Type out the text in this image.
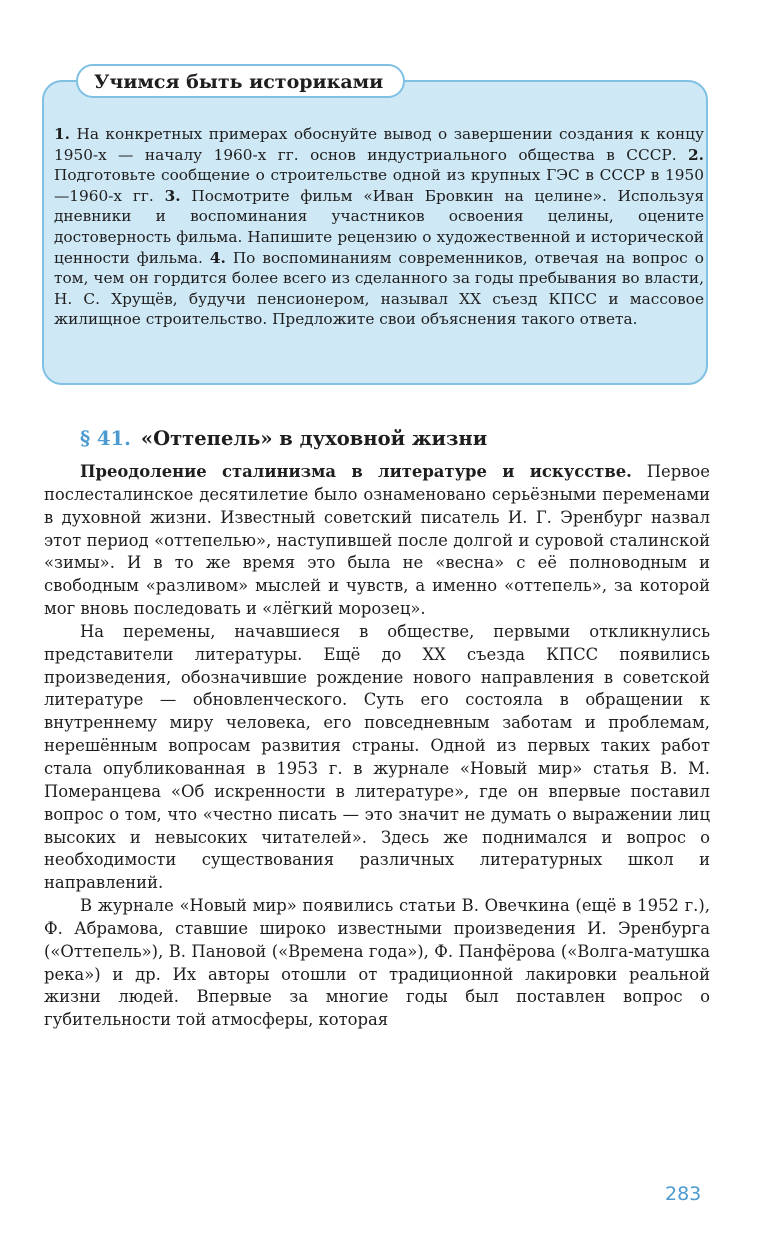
1. На конкретных примерах обоснуйте вывод о завершении создания к концу 1950-х — началу 1960-х гг. основ индустриального общества в СССР. 2. Подготовьте сообщение о строительстве одной из крупных ГЭС в СССР в 1950—1960-х гг. 3. Посмотрите фильм «Иван Бровкин на целине». Используя дневники и воспоминания участников освоения целины, оцените достоверность фильма. Напишите рецензию о художественной и исторической ценности фильма. 4. По воспоминаниям современников, отвечая на вопрос о том, чем он гордится более всего из сделанного за годы пребывания во власти, Н. С. Хрущёв, будучи пенсионером, называл XX съезд КПСС и массовое жилищное строительство. Предложите свои объяснения такого ответа.
Учимся быть историками
§ 41. «Оттепель» в духовной жизни

Преодоление сталинизма в литературе и искусстве. Первое послесталинское десятилетие было ознаменовано серьёзными переменами в духовной жизни. Известный советский писатель И. Г. Эренбург назвал этот период «оттепелью», наступившей после долгой и суровой сталинской «зимы». И в то же время это была не «весна» с её полноводным и свободным «разливом» мыслей и чувств, а именно «оттепель», за которой мог вновь последовать и «лёгкий морозец».

На перемены, начавшиеся в обществе, первыми откликнулись представители литературы. Ещё до XX съезда КПСС появились произведения, обозначившие рождение нового направления в советской литературе — обновленческого. Суть его состояла в обращении к внутреннему миру человека, его повседневным заботам и проблемам, нерешённым вопросам развития страны. Одной из первых таких работ стала опубликованная в 1953 г. в журнале «Новый мир» статья В. М. Померанцева «Об искренности в литературе», где он впервые поставил вопрос о том, что «честно писать — это значит не думать о выражении лиц высоких и невысоких читателей». Здесь же поднимался и вопрос о необходимости существования различных литературных школ и направлений.

В журнале «Новый мир» появились статьи В. Овечкина (ещё в 1952 г.), Ф. Абрамова, ставшие широко известными произведения И. Эренбурга («Оттепель»), В. Пановой («Времена года»), Ф. Панфёрова («Волга-матушка река») и др. Их авторы отошли от традиционной лакировки реальной жизни людей. Впервые за многие годы был поставлен вопрос о губительности той атмосферы, которая

283
